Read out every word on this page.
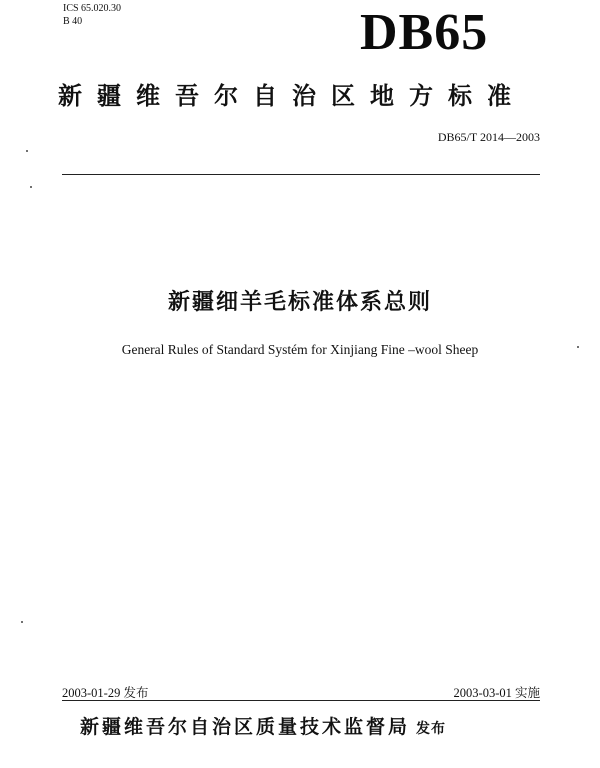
ICS 65.020.30
B 40	DB65
新疆维吾尔自治区地方标准
DB65/T 2014—2003
新疆细羊毛标准体系总则
General Rules of Standard Systém for Xinjiang Fine –wool Sheep
2003-01-29 发布	2003-03-01 实施
新疆维吾尔自治区质量技术监督局 发布
